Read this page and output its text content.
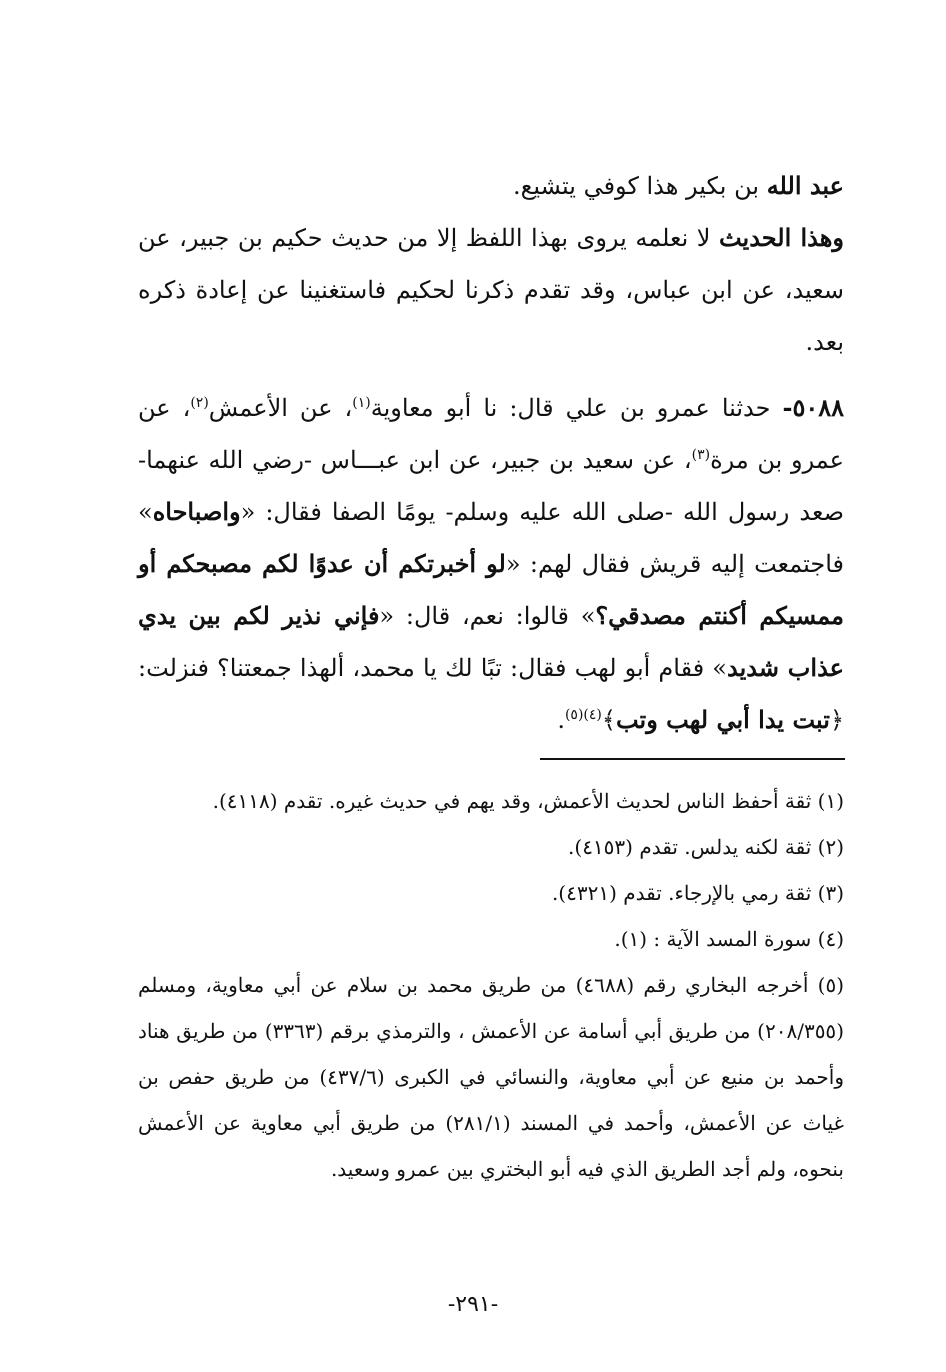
عبد الله بن بكير هذا كوفي يتشيع.

وهذا الحديث لا نعلمه يروى بهذا اللفظ إلا من حديث حكيم بن جبير، عن سعيد، عن ابن عباس، وقد تقدم ذكرنا لحكيم فاستغنينا عن إعادة ذكره بعد.

٥٠٨٨- حدثنا عمرو بن علي قال: نا أبو معاوية$^{(١)}$، عن الأعمش$^{(٢)}$، عن عمرو بن مرة$^{(٣)}$، عن سعيد بن جبير، عن ابن عبـــاس -رضي الله عنهما- صعد رسول الله -صلى الله عليه وسلم- يومًا الصفا فقال: «واصباحاه» فاجتمعت إليه قريش فقال لهم: «لو أخبرتكم أن عدوًا لكم مصبحكم أو ممسيكم أكنتم مصدقي؟» قالوا: نعم، قال: «فإني نذير لكم بين يدي عذاب شديد» فقام أبو لهب فقال: تبًا لك يا محمد، ألهذا جمعتنا؟ فنزلت: ﴿تبت يدا أبي لهب وتب﴾$^{(٤)(٥)}$.

(١) ثقة أحفظ الناس لحديث الأعمش، وقد يهم في حديث غيره. تقدم (٤١١٨).

(٢) ثقة لكنه يدلس. تقدم (٤١٥٣).

(٣) ثقة رمي بالإرجاء. تقدم (٤٣٢١).

(٤) سورة المسد الآية : (١).

(٥) أخرجه البخاري رقم (٤٦٨٨) من طريق محمد بن سلام عن أبي معاوية، ومسلم (٢٠٨/٣٥٥) من طريق أبي أسامة عن الأعمش ، والترمذي برقم (٣٣٦٣) من طريق هناد وأحمد بن منيع عن أبي معاوية، والنسائي في الكبرى (٤٣٧/٦) من طريق حفص بن غياث عن الأعمش، وأحمد في المسند (٢٨١/١) من طريق أبي معاوية عن الأعمش بنحوه، ولم أجد الطريق الذي فيه أبو البختري بين عمرو وسعيد.

-٢٩١-
